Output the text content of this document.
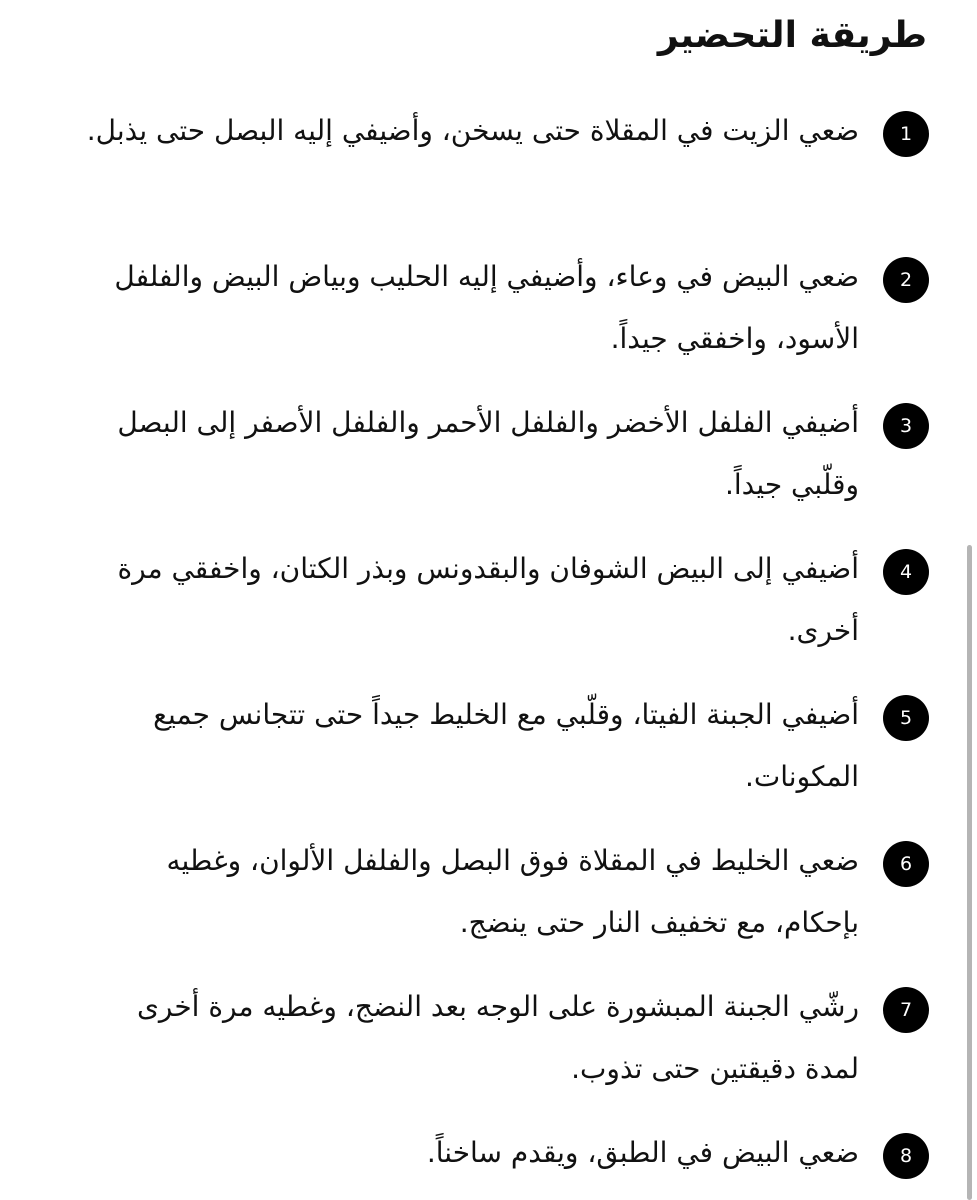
طريقة التحضير
1

ضعي الزيت في المقلاة حتى يسخن، وأضيفي إليه البصل حتى يذبل.

2

ضعي البيض في وعاء، وأضيفي إليه الحليب وبياض البيض والفلفل الأسود، واخفقي جيداً.

3

أضيفي الفلفل الأخضر والفلفل الأحمر والفلفل الأصفر إلى البصل وقلّبي جيداً.

4

أضيفي إلى البيض الشوفان والبقدونس وبذر الكتان، واخفقي مرة أخرى.

5

أضيفي الجبنة الفيتا، وقلّبي مع الخليط جيداً حتى تتجانس جميع المكونات.

6

ضعي الخليط في المقلاة فوق البصل والفلفل الألوان، وغطيه بإحكام، مع تخفيف النار حتى ينضج.

7

رشّي الجبنة المبشورة على الوجه بعد النضج، وغطيه مرة أخرى لمدة دقيقتين حتى تذوب.

8

ضعي البيض في الطبق، ويقدم ساخناً.
